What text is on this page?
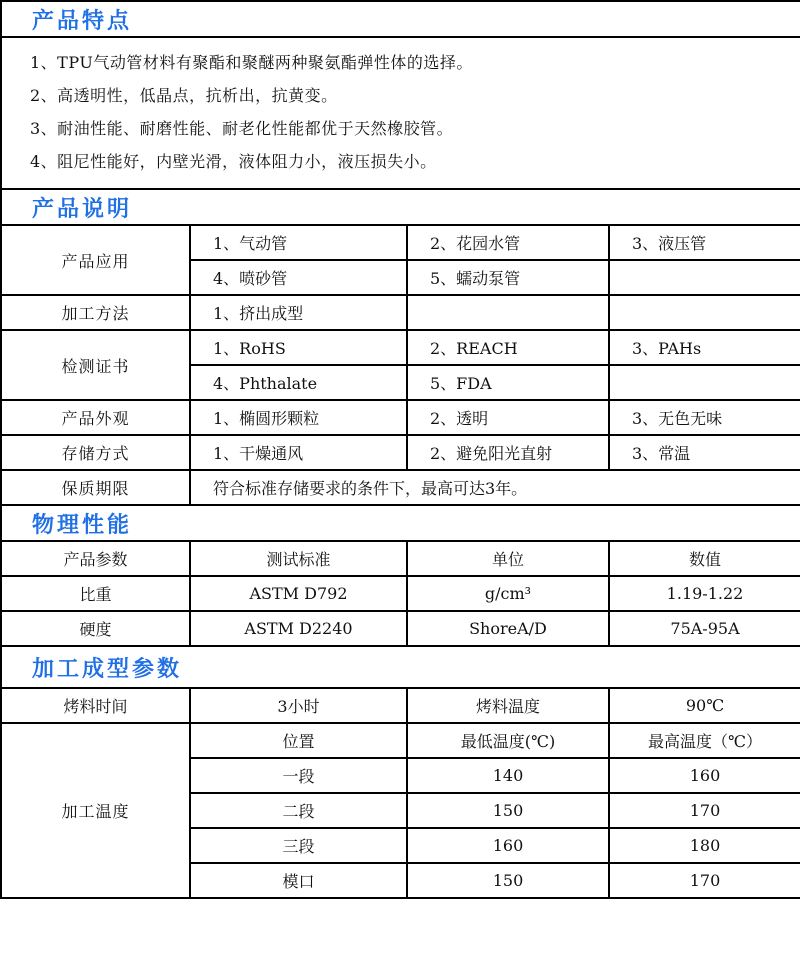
产品特点			

1、TPU气动管材料有聚酯和聚醚两种聚氨酯弹性体的选择。
2、高透明性，低晶点，抗析出，抗黄变。
3、耐油性能、耐磨性能、耐老化性能都优于天然橡胶管。
4、阻尼性能好，内壁光滑，液体阻力小，液压损失小。			

产品说明			
产品应用	1、气动管	2、花园水管	3、液压管
	4、喷砂管	5、蠕动泵管	
加工方法	1、挤出成型		
检测证书	1、RoHS	2、REACH	3、PAHs
	4、Phthalate	5、FDA	
产品外观	1、椭圆形颗粒	2、透明	3、无色无味
存储方式	1、干燥通风	2、避免阳光直射	3、常温
保质期限	符合标准存储要求的条件下，最高可达3年。		
物理性能			
产品参数	测试标准	单位	数值
比重	ASTM D792	g/cm³	1.19-1.22
硬度	ASTM D2240	ShoreA/D	75A-95A
加工成型参数			
烤料时间	3小时	烤料温度	90℃
加工温度	位置	最低温度(℃)	最高温度（℃）
	一段	140	160
	二段	150	170
	三段	160	180
	模口	150	170
